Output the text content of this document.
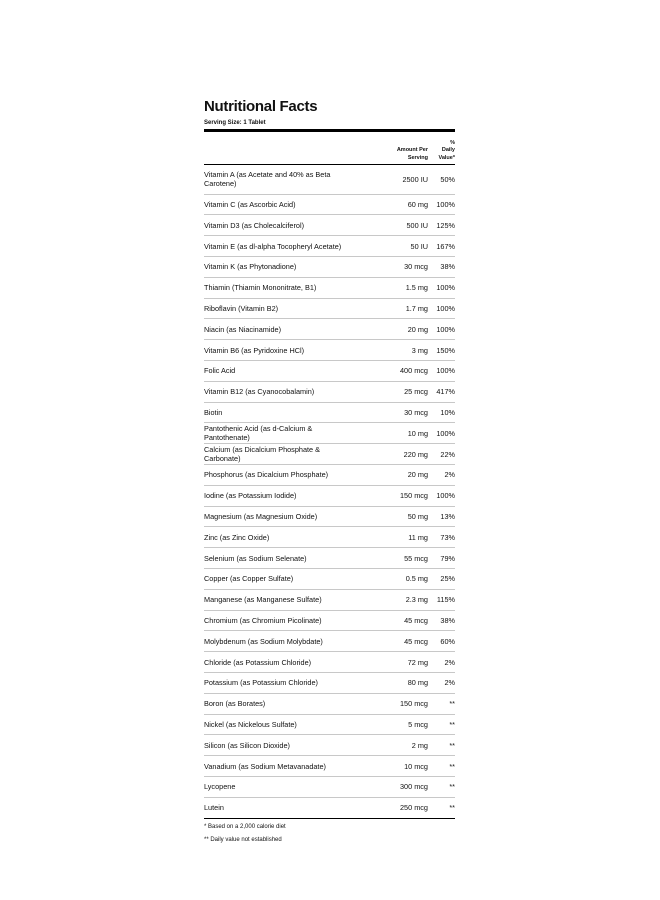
Nutritional Facts
Serving Size: 1 Tablet
Amount Per
Serving
%
Daily
Value*
Vitamin A (as Acetate and 40% as Beta Carotene)	2500 IU	50%
Vitamin C (as Ascorbic Acid)	60 mg	100%
Vitamin D3 (as Cholecalciferol)	500 IU	125%
Vitamin E (as dl-alpha Tocopheryl Acetate)	50 IU	167%
Vitamin K (as Phytonadione)	30 mcg	38%
Thiamin (Thiamin Mononitrate, B1)	1.5 mg	100%
Riboflavin (Vitamin B2)	1.7 mg	100%
Niacin (as Niacinamide)	20 mg	100%
Vitamin B6 (as Pyridoxine HCl)	3 mg	150%
Folic Acid	400 mcg	100%
Vitamin B12 (as Cyanocobalamin)	25 mcg	417%
Biotin	30 mcg	10%
Pantothenic Acid (as d-Calcium & Pantothenate)	10 mg	100%
Calcium (as Dicalcium Phosphate & Carbonate)	220 mg	22%
Phosphorus (as Dicalcium Phosphate)	20 mg	2%
Iodine (as Potassium Iodide)	150 mcg	100%
Magnesium (as Magnesium Oxide)	50 mg	13%
Zinc (as Zinc Oxide)	11 mg	73%
Selenium (as Sodium Selenate)	55 mcg	79%
Copper (as Copper Sulfate)	0.5 mg	25%
Manganese (as Manganese Sulfate)	2.3 mg	115%
Chromium (as Chromium Picolinate)	45 mcg	38%
Molybdenum (as Sodium Molybdate)	45 mcg	60%
Chloride (as Potassium Chloride)	72 mg	2%
Potassium (as Potassium Chloride)	80 mg	2%
Boron (as Borates)	150 mcg	**
Nickel (as Nickelous Sulfate)	5 mcg	**
Silicon (as Silicon Dioxide)	2 mg	**
Vanadium (as Sodium Metavanadate)	10 mcg	**
Lycopene	300 mcg	**
Lutein	250 mcg	**
* Based on a 2,000 calorie diet
** Daily value not established
